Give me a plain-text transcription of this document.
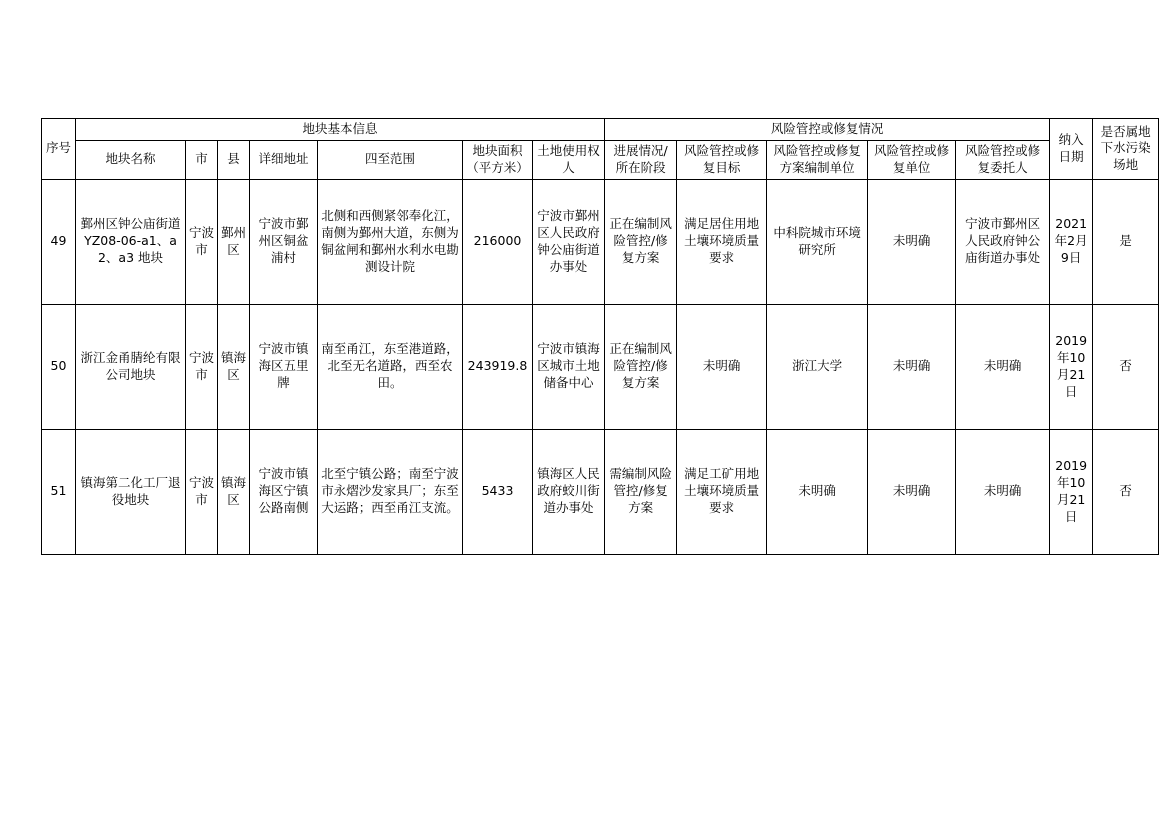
序号	地块基本信息							风险管控或修复情况					纳入日期	是否属地下水污染场地
	地块名称	市	县	详细地址	四至范围	地块面积（平方米）	土地使用权人	进展情况/所在阶段	风险管控或修复目标	风险管控或修复方案编制单位	风险管控或修复单位	风险管控或修复委托人		
49	鄞州区钟公庙街道YZ08-06-a1、a2、a3 地块	宁波市	鄞州区	宁波市鄞州区铜盆浦村	北侧和西侧紧邻奉化江，南侧为鄞州大道，东侧为铜盆闸和鄞州水利水电勘测设计院	216000	宁波市鄞州区人民政府钟公庙街道办事处	正在编制风险管控/修复方案	满足居住用地土壤环境质量要求	中科院城市环境研究所	未明确	宁波市鄞州区人民政府钟公庙街道办事处	2021年2月9日	是
50	浙江金甬腈纶有限公司地块	宁波市	镇海区	宁波市镇海区五里牌	南至甬江，东至港道路，北至无名道路，西至农田。	243919.8	宁波市镇海区城市土地储备中心	正在编制风险管控/修复方案	未明确	浙江大学	未明确	未明确	2019年10月21日	否
51	镇海第二化工厂退役地块	宁波市	镇海区	宁波市镇海区宁镇公路南侧	北至宁镇公路；南至宁波市永熠沙发家具厂；东至大运路；西至甬江支流。	5433	镇海区人民政府蛟川街道办事处	需编制风险管控/修复方案	满足工矿用地土壤环境质量要求	未明确	未明确	未明确	2019年10月21日	否
